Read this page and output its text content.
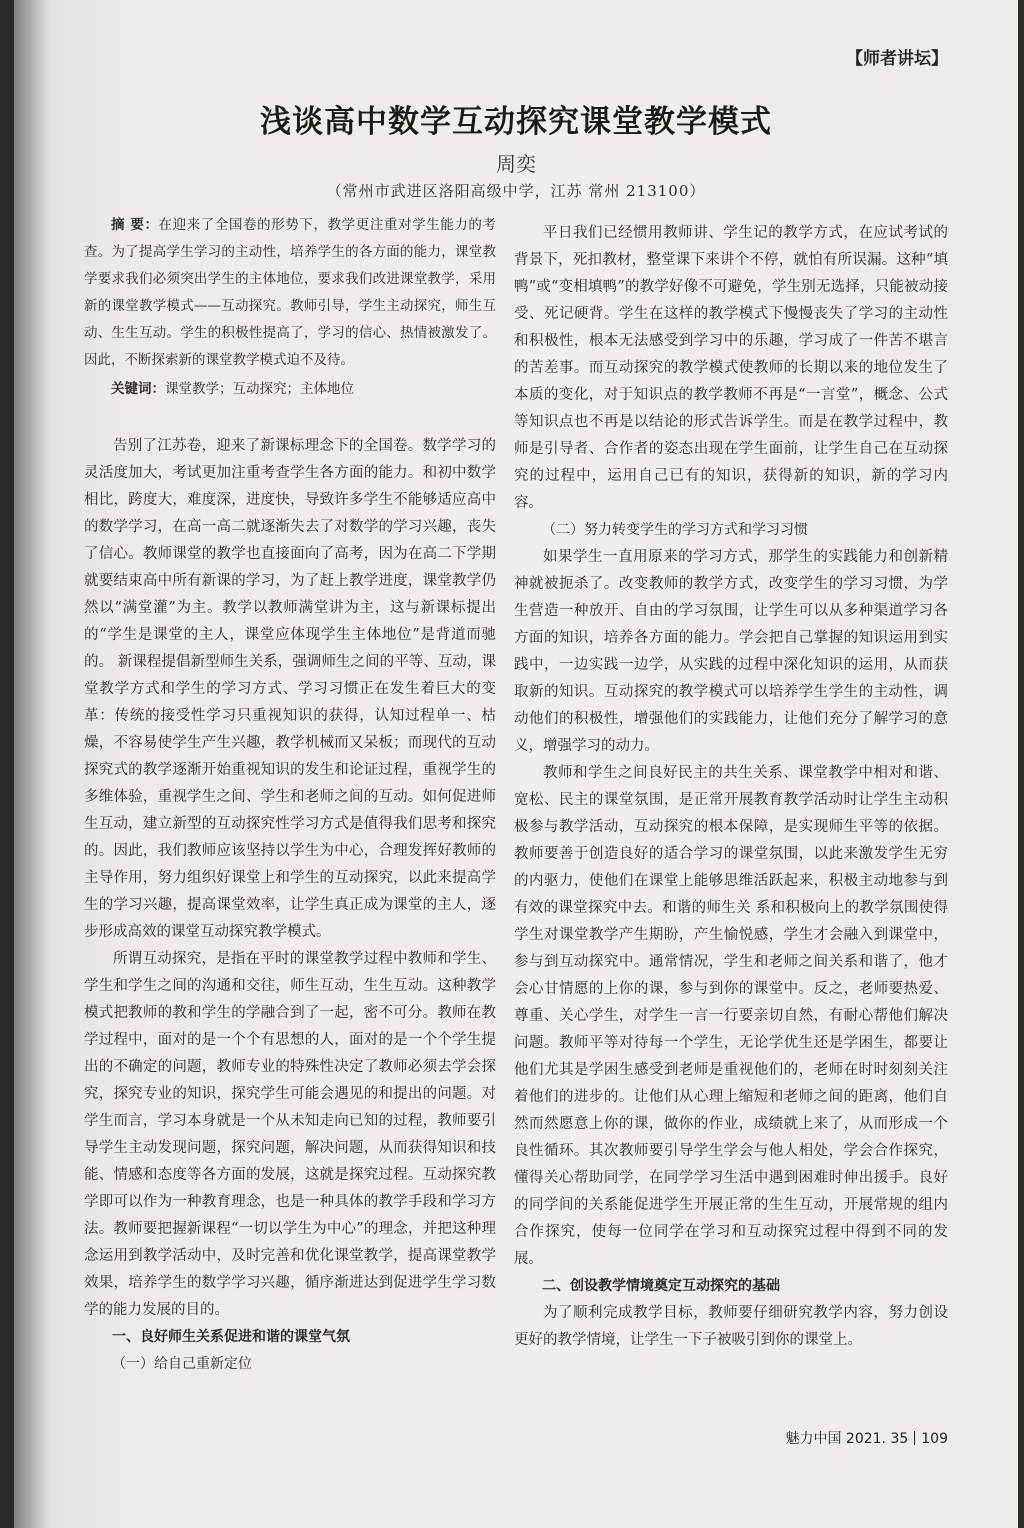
【师者讲坛】
浅谈高中数学互动探究课堂教学模式
周奕
（常州市武进区洛阳高级中学，江苏 常州 213100）

摘 要：在迎来了全国卷的形势下，教学更注重对学生能力的考查。为了提高学生学习的主动性，培养学生的各方面的能力，课堂教学要求我们必须突出学生的主体地位，要求我们改进课堂教学，采用新的课堂教学模式——互动探究。教师引导，学生主动探究，师生互动、生生互动。学生的积极性提高了，学习的信心、热情被激发了。因此，不断探索新的课堂教学模式迫不及待。

关键词：课堂教学；互动探究；主体地位

告别了江苏卷，迎来了新课标理念下的全国卷。数学学习的灵活度加大，考试更加注重考查学生各方面的能力。和初中数学相比，跨度大，难度深，进度快，导致许多学生不能够适应高中的数学学习，在高一高二就逐渐失去了对数学的学习兴趣，丧失了信心。教师课堂的教学也直接面向了高考，因为在高二下学期就要结束高中所有新课的学习，为了赶上教学进度，课堂教学仍然以“满堂灌”为主。教学以教师满堂讲为主，这与新课标提出的“学生是课堂的主人，课堂应体现学生主体地位”是背道而驰的。 新课程提倡新型师生关系，强调师生之间的平等、互动，课堂教学方式和学生的学习方式、学习习惯正在发生着巨大的变革：传统的接受性学习只重视知识的获得，认知过程单一、枯燥，不容易使学生产生兴趣，教学机械而又呆板；而现代的互动探究式的教学逐渐开始重视知识的发生和论证过程，重视学生的多维体验，重视学生之间、学生和老师之间的互动。如何促进师生互动，建立新型的互动探究性学习方式是值得我们思考和探究的。因此，我们教师应该坚持以学生为中心，合理发挥好教师的主导作用，努力组织好课堂上和学生的互动探究，以此来提高学生的学习兴趣，提高课堂效率，让学生真正成为课堂的主人，逐步形成高效的课堂互动探究教学模式。

所谓互动探究，是指在平时的课堂教学过程中教师和学生、学生和学生之间的沟通和交往，师生互动，生生互动。这种教学模式把教师的教和学生的学融合到了一起，密不可分。教师在教学过程中，面对的是一个个有思想的人，面对的是一个个学生提出的不确定的问题，教师专业的特殊性决定了教师必须去学会探究，探究专业的知识，探究学生可能会遇见的和提出的问题。对学生而言，学习本身就是一个从未知走向已知的过程，教师要引导学生主动发现问题，探究问题，解决问题，从而获得知识和技能、情感和态度等各方面的发展，这就是探究过程。互动探究教学即可以作为一种教育理念，也是一种具体的教学手段和学习方法。教师要把握新课程“一切以学生为中心”的理念，并把这种理念运用到教学活动中，及时完善和优化课堂教学，提高课堂教学效果，培养学生的数学学习兴趣，循序渐进达到促进学生学习数学的能力发展的目的。

一、良好师生关系促进和谐的课堂气氛

（一）给自己重新定位

平日我们已经惯用教师讲、学生记的教学方式，在应试考试的背景下，死扣教材，整堂课下来讲个不停，就怕有所误漏。这种“填鸭”或“变相填鸭”的教学好像不可避免，学生别无选择，只能被动接受、死记硬背。学生在这样的教学模式下慢慢丧失了学习的主动性和积极性，根本无法感受到学习中的乐趣，学习成了一件苦不堪言的苦差事。而互动探究的教学模式使教师的长期以来的地位发生了本质的变化，对于知识点的教学教师不再是“一言堂”，概念、公式等知识点也不再是以结论的形式告诉学生。而是在教学过程中，教师是引导者、合作者的姿态出现在学生面前，让学生自己在互动探究的过程中，运用自己已有的知识，获得新的知识，新的学习内容。

（二）努力转变学生的学习方式和学习习惯

如果学生一直用原来的学习方式，那学生的实践能力和创新精神就被扼杀了。改变教师的教学方式，改变学生的学习习惯，为学生营造一种放开、自由的学习氛围，让学生可以从多种渠道学习各方面的知识，培养各方面的能力。学会把自己掌握的知识运用到实践中，一边实践一边学，从实践的过程中深化知识的运用，从而获取新的知识。互动探究的教学模式可以培养学生学生的主动性，调动他们的积极性，增强他们的实践能力，让他们充分了解学习的意义，增强学习的动力。

教师和学生之间良好民主的共生关系、课堂教学中相对和谐、宽松、民主的课堂氛围，是正常开展教育教学活动时让学生主动积极参与教学活动，互动探究的根本保障，是实现师生平等的依据。教师要善于创造良好的适合学习的课堂氛围，以此来激发学生无穷的内驱力，使他们在课堂上能够思维活跃起来，积极主动地参与到有效的课堂探究中去。和谐的师生关 系和积极向上的教学氛围使得学生对课堂教学产生期盼，产生愉悦感，学生才会融入到课堂中，参与到互动探究中。通常情况，学生和老师之间关系和谐了，他才会心甘情愿的上你的课，参与到你的课堂中。反之，老师要热爱、尊重、关心学生，对学生一言一行要亲切自然，有耐心帮他们解决问题。教师平等对待每一个学生，无论学优生还是学困生，都要让他们尤其是学困生感受到老师是重视他们的，老师在时时刻刻关注着他们的进步的。让他们从心理上缩短和老师之间的距离，他们自然而然愿意上你的课，做你的作业，成绩就上来了，从而形成一个良性循环。其次教师要引导学生学会与他人相处，学会合作探究，懂得关心帮助同学，在同学学习生活中遇到困难时伸出援手。良好的同学间的关系能促进学生开展正常的生生互动，开展常规的组内合作探究，使每一位同学在学习和互动探究过程中得到不同的发展。

二、创设教学情境奠定互动探究的基础

为了顺利完成教学目标，教师要仔细研究教学内容，努力创设更好的教学情境，让学生一下子被吸引到你的课堂上。

魅力中国 2021. 35 109
